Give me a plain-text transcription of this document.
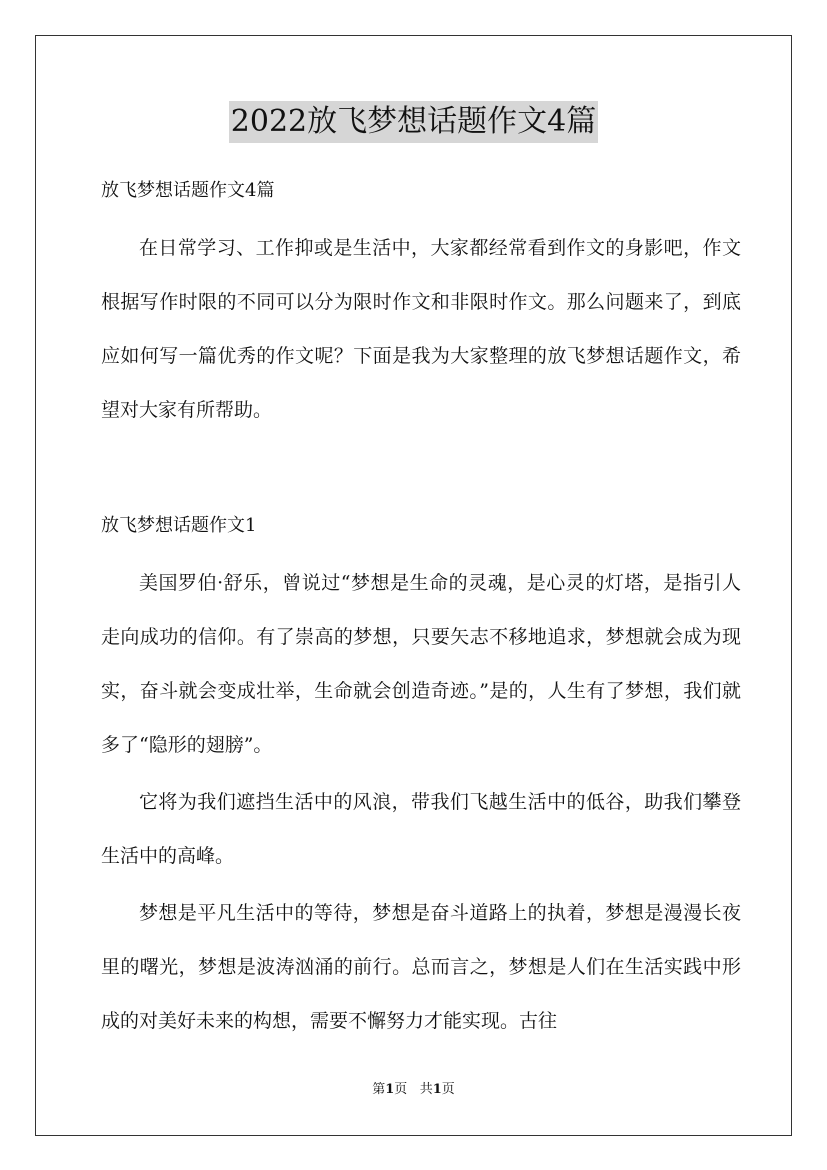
2022放飞梦想话题作文4篇

放飞梦想话题作文4篇

在日常学习、工作抑或是生活中，大家都经常看到作文的身影吧，作文根据写作时限的不同可以分为限时作文和非限时作文。那么问题来了，到底应如何写一篇优秀的作文呢？下面是我为大家整理的放飞梦想话题作文，希望对大家有所帮助。

放飞梦想话题作文1

美国罗伯·舒乐，曾说过“梦想是生命的灵魂，是心灵的灯塔，是指引人走向成功的信仰。有了崇高的梦想，只要矢志不移地追求，梦想就会成为现实，奋斗就会变成壮举，生命就会创造奇迹。”是的，人生有了梦想，我们就多了“隐形的翅膀”。

它将为我们遮挡生活中的风浪，带我们飞越生活中的低谷，助我们攀登生活中的高峰。

梦想是平凡生活中的等待，梦想是奋斗道路上的执着，梦想是漫漫长夜里的曙光，梦想是波涛汹涌的前行。总而言之，梦想是人们在生活实践中形成的对美好未来的构想，需要不懈努力才能实现。古往

第1页 共1页
